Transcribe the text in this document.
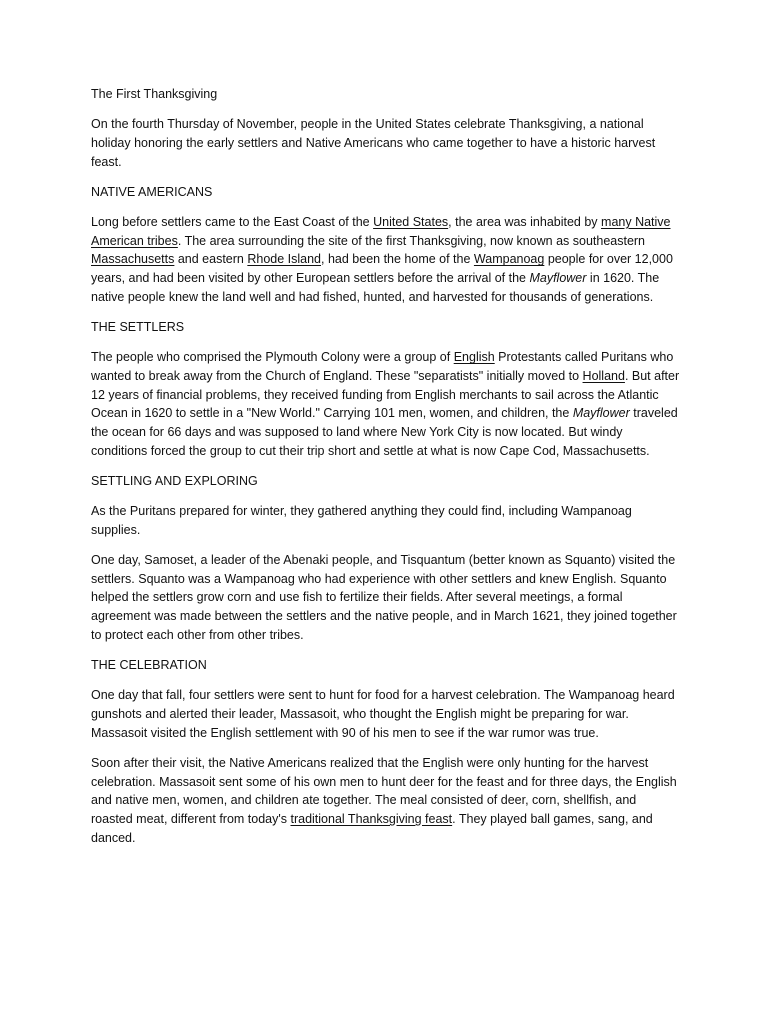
The First Thanksgiving
On the fourth Thursday of November, people in the United States celebrate Thanksgiving, a national holiday honoring the early settlers and Native Americans who came together to have a historic harvest feast.
NATIVE AMERICANS
Long before settlers came to the East Coast of the United States, the area was inhabited by many Native American tribes. The area surrounding the site of the first Thanksgiving, now known as southeastern Massachusetts and eastern Rhode Island, had been the home of the Wampanoag people for over 12,000 years, and had been visited by other European settlers before the arrival of the Mayflower in 1620. The native people knew the land well and had fished, hunted, and harvested for thousands of generations.
THE SETTLERS
The people who comprised the Plymouth Colony were a group of English Protestants called Puritans who wanted to break away from the Church of England. These "separatists" initially moved to Holland. But after 12 years of financial problems, they received funding from English merchants to sail across the Atlantic Ocean in 1620 to settle in a "New World." Carrying 101 men, women, and children, the Mayflower traveled the ocean for 66 days and was supposed to land where New York City is now located. But windy conditions forced the group to cut their trip short and settle at what is now Cape Cod, Massachusetts.
SETTLING AND EXPLORING
As the Puritans prepared for winter, they gathered anything they could find, including Wampanoag supplies.
One day, Samoset, a leader of the Abenaki people, and Tisquantum (better known as Squanto) visited the settlers. Squanto was a Wampanoag who had experience with other settlers and knew English. Squanto helped the settlers grow corn and use fish to fertilize their fields. After several meetings, a formal agreement was made between the settlers and the native people, and in March 1621, they joined together to protect each other from other tribes.
THE CELEBRATION
One day that fall, four settlers were sent to hunt for food for a harvest celebration. The Wampanoag heard gunshots and alerted their leader, Massasoit, who thought the English might be preparing for war. Massasoit visited the English settlement with 90 of his men to see if the war rumor was true.
Soon after their visit, the Native Americans realized that the English were only hunting for the harvest celebration. Massasoit sent some of his own men to hunt deer for the feast and for three days, the English and native men, women, and children ate together. The meal consisted of deer, corn, shellfish, and roasted meat, different from today's traditional Thanksgiving feast. They played ball games, sang, and danced.
